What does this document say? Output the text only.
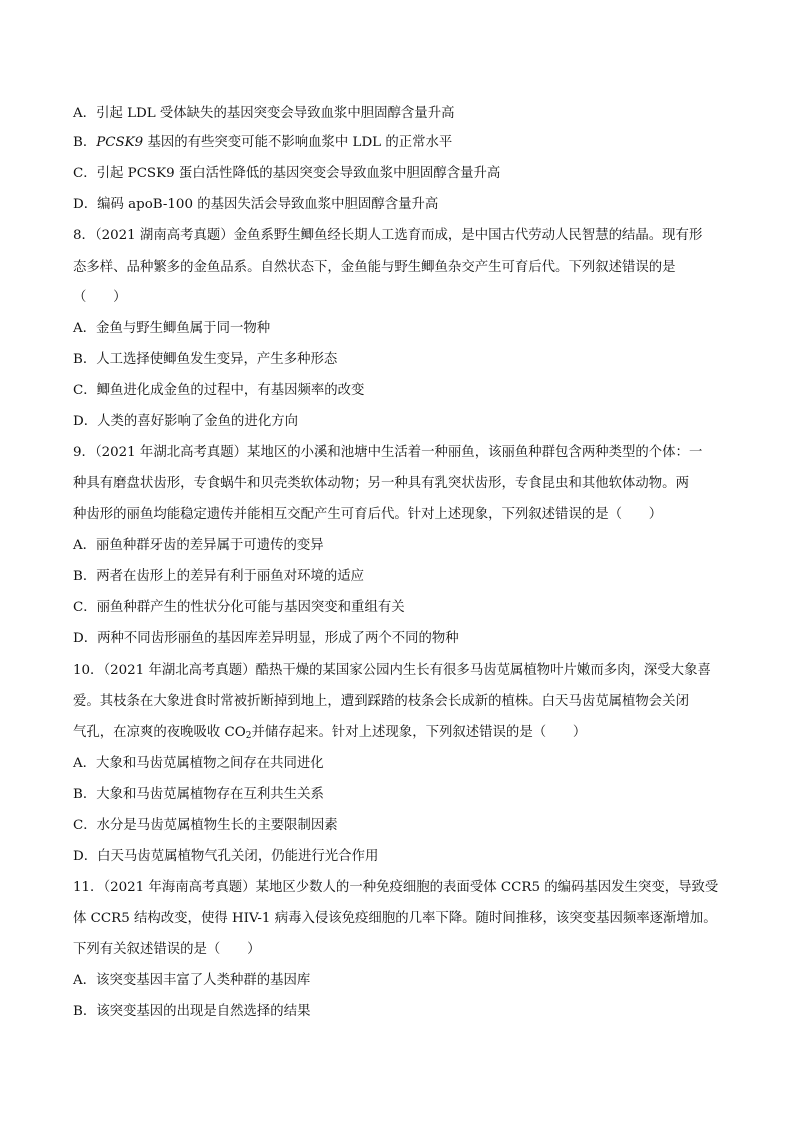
A．引起 LDL 受体缺失的基因突变会导致血浆中胆固醇含量升高
B．PCSK9 基因的有些突变可能不影响血浆中 LDL 的正常水平
C．引起 PCSK9 蛋白活性降低的基因突变会导致血浆中胆固醇含量升高
D．编码 apoB-100 的基因失活会导致血浆中胆固醇含量升高
8．（2021 湖南高考真题）金鱼系野生鲫鱼经长期人工选育而成，是中国古代劳动人民智慧的结晶。现有形
态多样、品种繁多的金鱼品系。自然状态下，金鱼能与野生鲫鱼杂交产生可育后代。下列叙述错误的是
（　　）
A．金鱼与野生鲫鱼属于同一物种
B．人工选择使鲫鱼发生变异，产生多种形态
C．鲫鱼进化成金鱼的过程中，有基因频率的改变
D．人类的喜好影响了金鱼的进化方向
9．（2021 年湖北高考真题）某地区的小溪和池塘中生活着一种丽鱼，该丽鱼种群包含两种类型的个体：一
种具有磨盘状齿形，专食蜗牛和贝壳类软体动物；另一种具有乳突状齿形，专食昆虫和其他软体动物。两
种齿形的丽鱼均能稳定遗传并能相互交配产生可育后代。针对上述现象，下列叙述错误的是（　　）
A．丽鱼种群牙齿的差异属于可遗传的变异
B．两者在齿形上的差异有利于丽鱼对环境的适应
C．丽鱼种群产生的性状分化可能与基因突变和重组有关
D．两种不同齿形丽鱼的基因库差异明显，形成了两个不同的物种
10．（2021 年湖北高考真题）酷热干燥的某国家公园内生长有很多马齿苋属植物叶片嫩而多肉，深受大象喜
爱。其枝条在大象进食时常被折断掉到地上，遭到踩踏的枝条会长成新的植株。白天马齿苋属植物会关闭
气孔，在凉爽的夜晚吸收 $CO_2$并储存起来。针对上述现象，下列叙述错误的是（　　）
A．大象和马齿苋属植物之间存在共同进化
B．大象和马齿苋属植物存在互利共生关系
C．水分是马齿苋属植物生长的主要限制因素
D．白天马齿苋属植物气孔关闭，仍能进行光合作用
11．（2021 年海南高考真题）某地区少数人的一种免疫细胞的表面受体 CCR5 的编码基因发生突变，导致受
体 CCR5 结构改变，使得 HIV-1 病毒入侵该免疫细胞的几率下降。随时间推移，该突变基因频率逐渐增加。
下列有关叙述错误的是（　　）
A．该突变基因丰富了人类种群的基因库
B．该突变基因的出现是自然选择的结果
